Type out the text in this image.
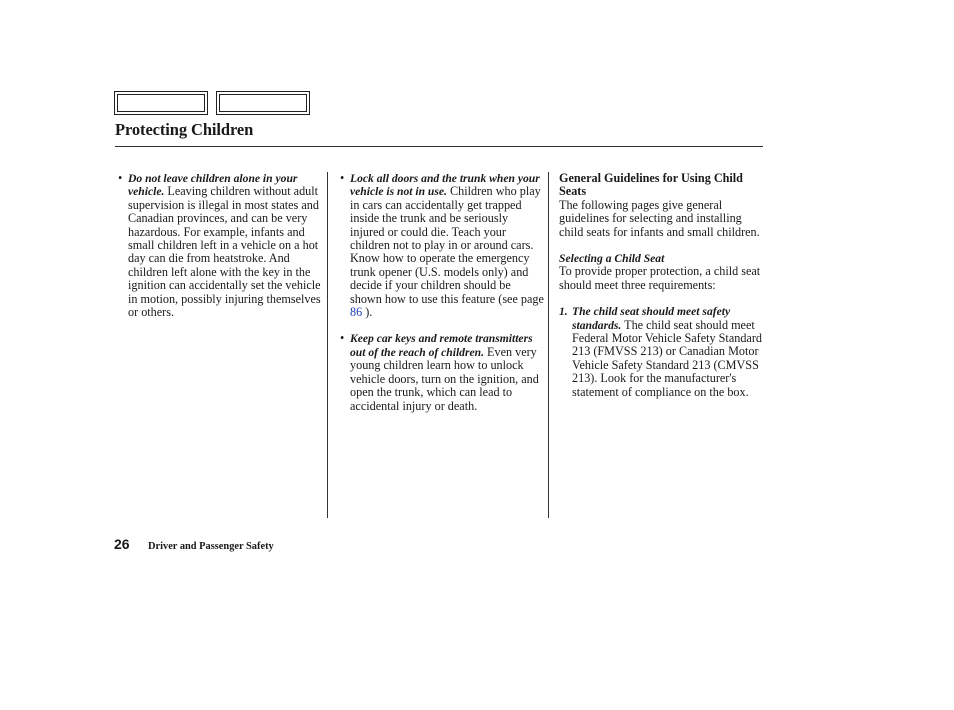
Protecting Children
• Do not leave children alone in your vehicle. Leaving children without adult supervision is illegal in most states and Canadian provinces, and can be very hazardous. For example, infants and small children left in a vehicle on a hot day can die from heatstroke. And children left alone with the key in the ignition can accidentally set the vehicle in motion, possibly injuring themselves or others.
• Lock all doors and the trunk when your vehicle is not in use. Children who play in cars can accidentally get trapped inside the trunk and be seriously injured or could die. Teach your children not to play in or around cars. Know how to operate the emergency trunk opener (U.S. models only) and decide if your children should be shown how to use this feature (see page 86 ).
• Keep car keys and remote transmitters out of the reach of children. Even very young children learn how to unlock vehicle doors, turn on the ignition, and open the trunk, which can lead to accidental injury or death.

General Guidelines for Using Child Seats

The following pages give general guidelines for selecting and installing child seats for infants and small children.

Selecting a Child Seat

To provide proper protection, a child seat should meet three requirements:

1. The child seat should meet safety standards. The child seat should meet Federal Motor Vehicle Safety Standard 213 (FMVSS 213) or Canadian Motor Vehicle Safety Standard 213 (CMVSS 213). Look for the manufacturer's statement of compliance on the box.
26 Driver and Passenger Safety
